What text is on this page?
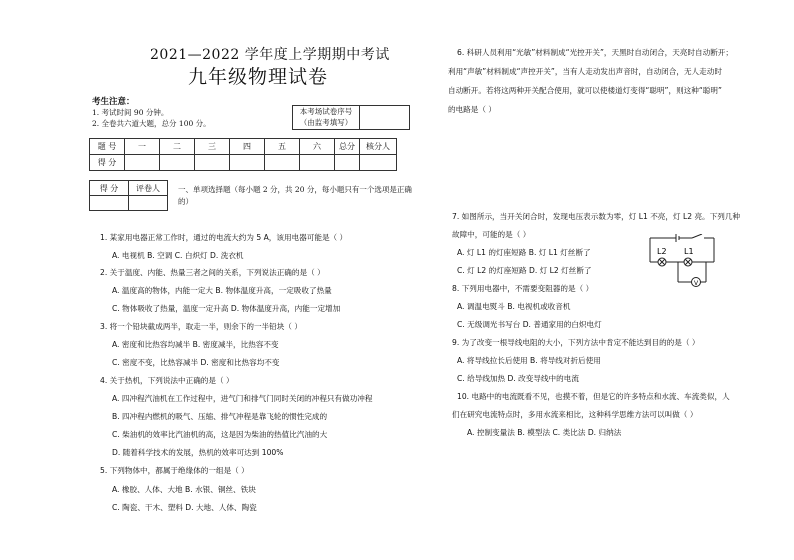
2021—2022 学年度上学期期中考试
九年级物理试卷
考生注意：
1. 考试时间 90 分钟。
2. 全卷共六道大题，总分 100 分。
本考场试卷序号
（由监考填写）
题 号	一	二	三	四	五	六	总分	核分人
得 分								
得 分	评卷人
	一、单项选择题（每小题 2 分，共 20 分，每小题只有一个选项是正确的）
1. 某家用电器正常工作时，通过的电流大约为 5 A，该用电器可能是（ ）
A. 电视机 B. 空调 C. 白炽灯 D. 洗衣机
2. 关于温度、内能、热量三者之间的关系，下列说法正确的是（ ）
A. 温度高的物体，内能一定大 B. 物体温度升高，一定吸收了热量
C. 物体吸收了热量，温度一定升高 D. 物体温度升高，内能一定增加
3. 将一个铅块截成两半，取走一半，则余下的一半铅块（ ）
A. 密度和比热容均减半 B. 密度减半，比热容不变
C. 密度不变，比热容减半 D. 密度和比热容均不变
4. 关于热机，下列说法中正确的是（ ）
A. 四冲程汽油机在工作过程中，进气门和排气门同时关闭的冲程只有做功冲程
B. 四冲程内燃机的吸气、压缩、排气冲程是靠飞轮的惯性完成的
C. 柴油机的效率比汽油机的高，这是因为柴油的热值比汽油的大
D. 随着科学技术的发展，热机的效率可达到 100%
5. 下列物体中，都属于绝缘体的一组是（ ）
A. 橡胶、人体、大地 B. 水银、铜丝、铁块
C. 陶瓷、干木、塑料 D. 大地、人体、陶瓷
6. 科研人员利用“光敏”材料制成“光控开关”，天黑时自动闭合，天亮时自动断开；
利用“声敏”材料制成“声控开关”，当有人走动发出声音时，自动闭合，无人走动时
自动断开。若将这两种开关配合使用，就可以使楼道灯变得“聪明”，则这种“聪明”
的电路是（ ）
7. 如图所示，当开关闭合时，发现电压表示数为零，灯 L1 不亮，灯 L2 亮。下列几种
故障中，可能的是（ ）
A. 灯 L1 的灯座短路 B. 灯 L1 灯丝断了
C. 灯 L2 的灯座短路 D. 灯 L2 灯丝断了
8. 下列用电器中，不需要变阻器的是（ ）
A. 调温电熨斗 B. 电视机或收音机
C. 无级调光书写台 D. 普通家用的白炽电灯
9. 为了改变一根导线电阻的大小，下列方法中肯定不能达到目的的是（ ）
A. 将导线拉长后使用 B. 将导线对折后使用
C. 给导线加热 D. 改变导线中的电流
10. 电路中的电流既看不见，也摸不着，但是它的许多特点和水流、车流类似，人
们在研究电流特点时，多用水流来相比，这种科学思维方法可以叫做（ ）
A. 控制变量法 B. 模型法 C. 类比法 D. 归纳法
L2 L1
V
